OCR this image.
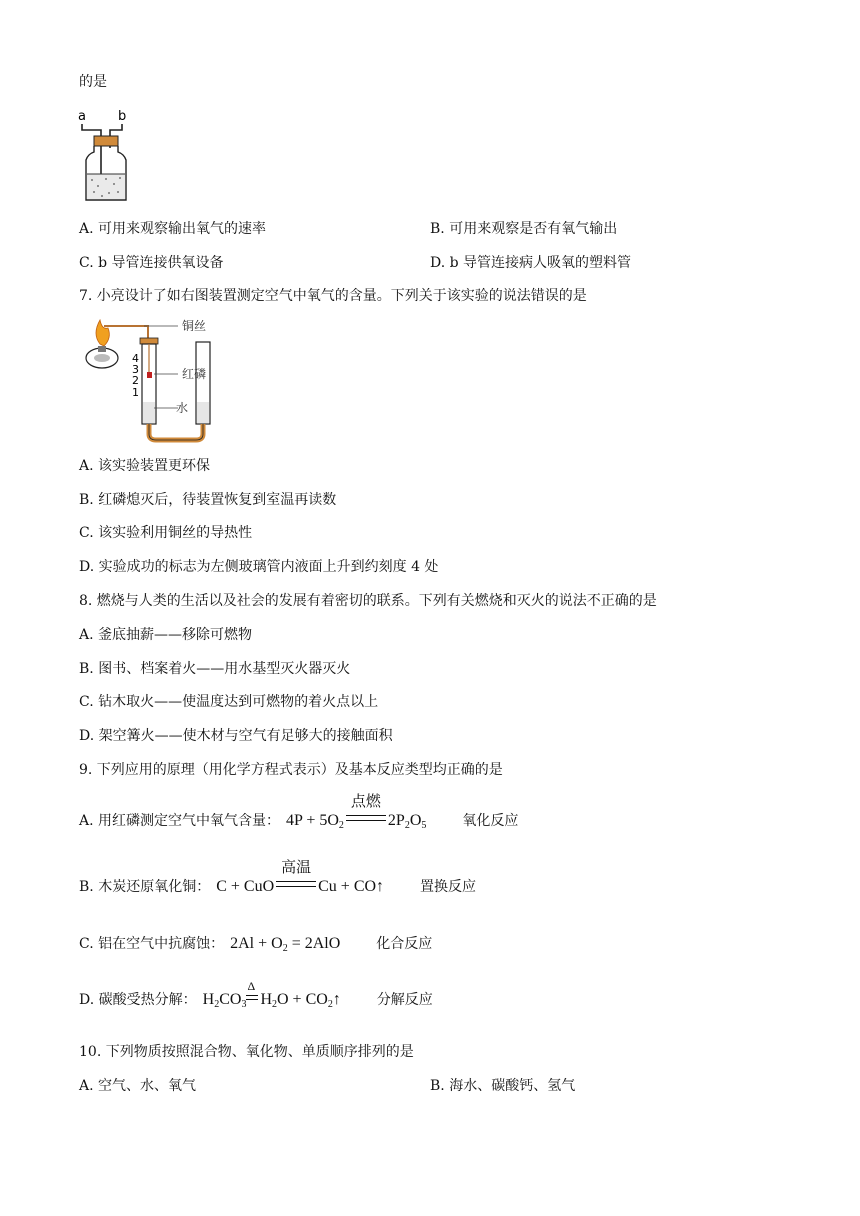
的是
a b
A. 可用来观察输出氧气的速率	B. 可用来观察是否有氧气输出
C. b 导管连接供氧设备	D. b 导管连接病人吸氧的塑料管
7. 小亮设计了如右图装置测定空气中氧气的含量。下列关于该实验的说法错误的是
铜丝
4
3
2
1
红磷
水
A. 该实验装置更环保
B. 红磷熄灭后，待装置恢复到室温再读数
C. 该实验利用铜丝的导热性
D. 实验成功的标志为左侧玻璃管内液面上升到约刻度 4 处
8. 燃烧与人类的生活以及社会的发展有着密切的联系。下列有关燃烧和灭火的说法不正确的是
A. 釜底抽薪——移除可燃物
B. 图书、档案着火——用水基型灭火器灭火
C. 钻木取火——使温度达到可燃物的着火点以上
D. 架空篝火——使木材与空气有足够大的接触面积
9. 下列应用的原理（用化学方程式表示）及基本反应类型均正确的是
A. 用红磷测定空气中氧气含量： $4P + 5O_2$
点燃
$2P_2O_5$	氧化反应
B. 木炭还原氧化铜： C + CuO
高温
Cu + CO↑	置换反应
C. 铝在空气中抗腐蚀： $2Al + O_2 = 2AlO$	化合反应
D. 碳酸受热分解： $H_2CO_3$
Δ
$H_2O$ + $CO_2↑$	分解反应
10. 下列物质按照混合物、氧化物、单质顺序排列的是
A. 空气、水、氧气	B. 海水、碳酸钙、氢气
